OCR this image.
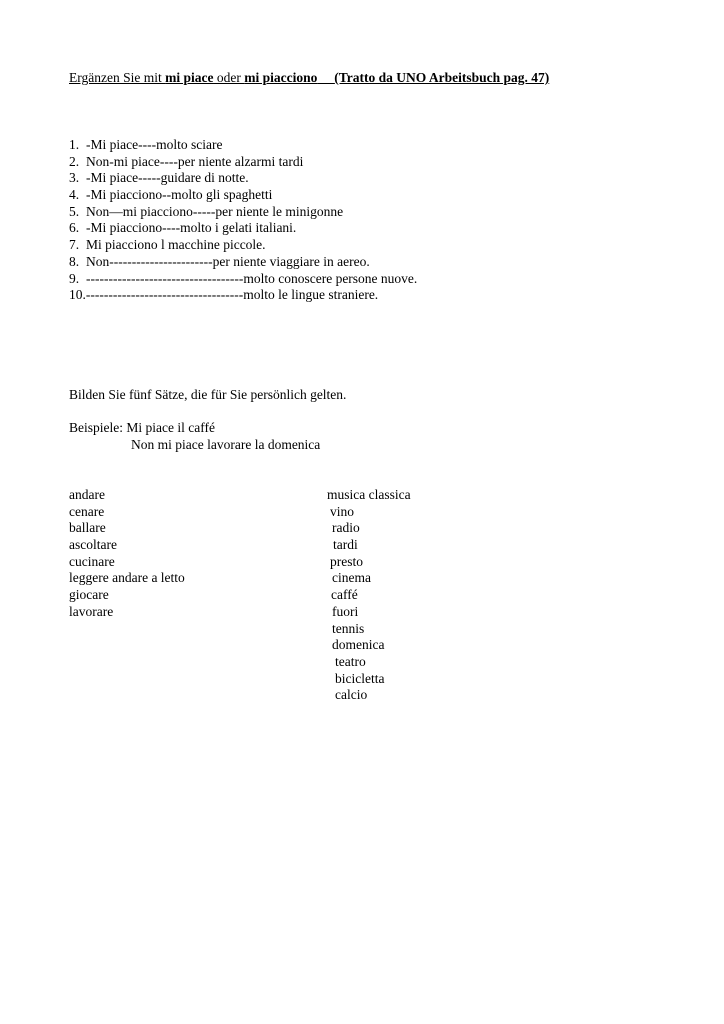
Ergänzen Sie mit mi piace oder mi piacciono (Tratto da UNO Arbeitsbuch pag. 47)
1. -Mi piace----molto sciare
2. Non-mi piace----per niente alzarmi tardi
3. -Mi piace-----guidare di notte.
4. -Mi piacciono--molto gli spaghetti
5. Non—mi piacciono-----per niente le minigonne
6. -Mi piacciono----molto i gelati italiani.
7. Mi piacciono l macchine piccole.
8. Non-----------------------per niente viaggiare in aereo.
9. -----------------------------------molto conoscere persone nuove.
10.-----------------------------------molto le lingue straniere.
Bilden Sie fünf Sätze, die für Sie persönlich gelten.
Beispiele: Mi piace il caffé
Non mi piace lavorare la domenica
andare
cenare
ballare
ascoltare
cucinare
leggere andare a letto
giocare
lavorare
musica classica
vino
radio
tardi
presto
cinema
caffé
fuori
tennis
domenica
teatro
bicicletta
calcio
